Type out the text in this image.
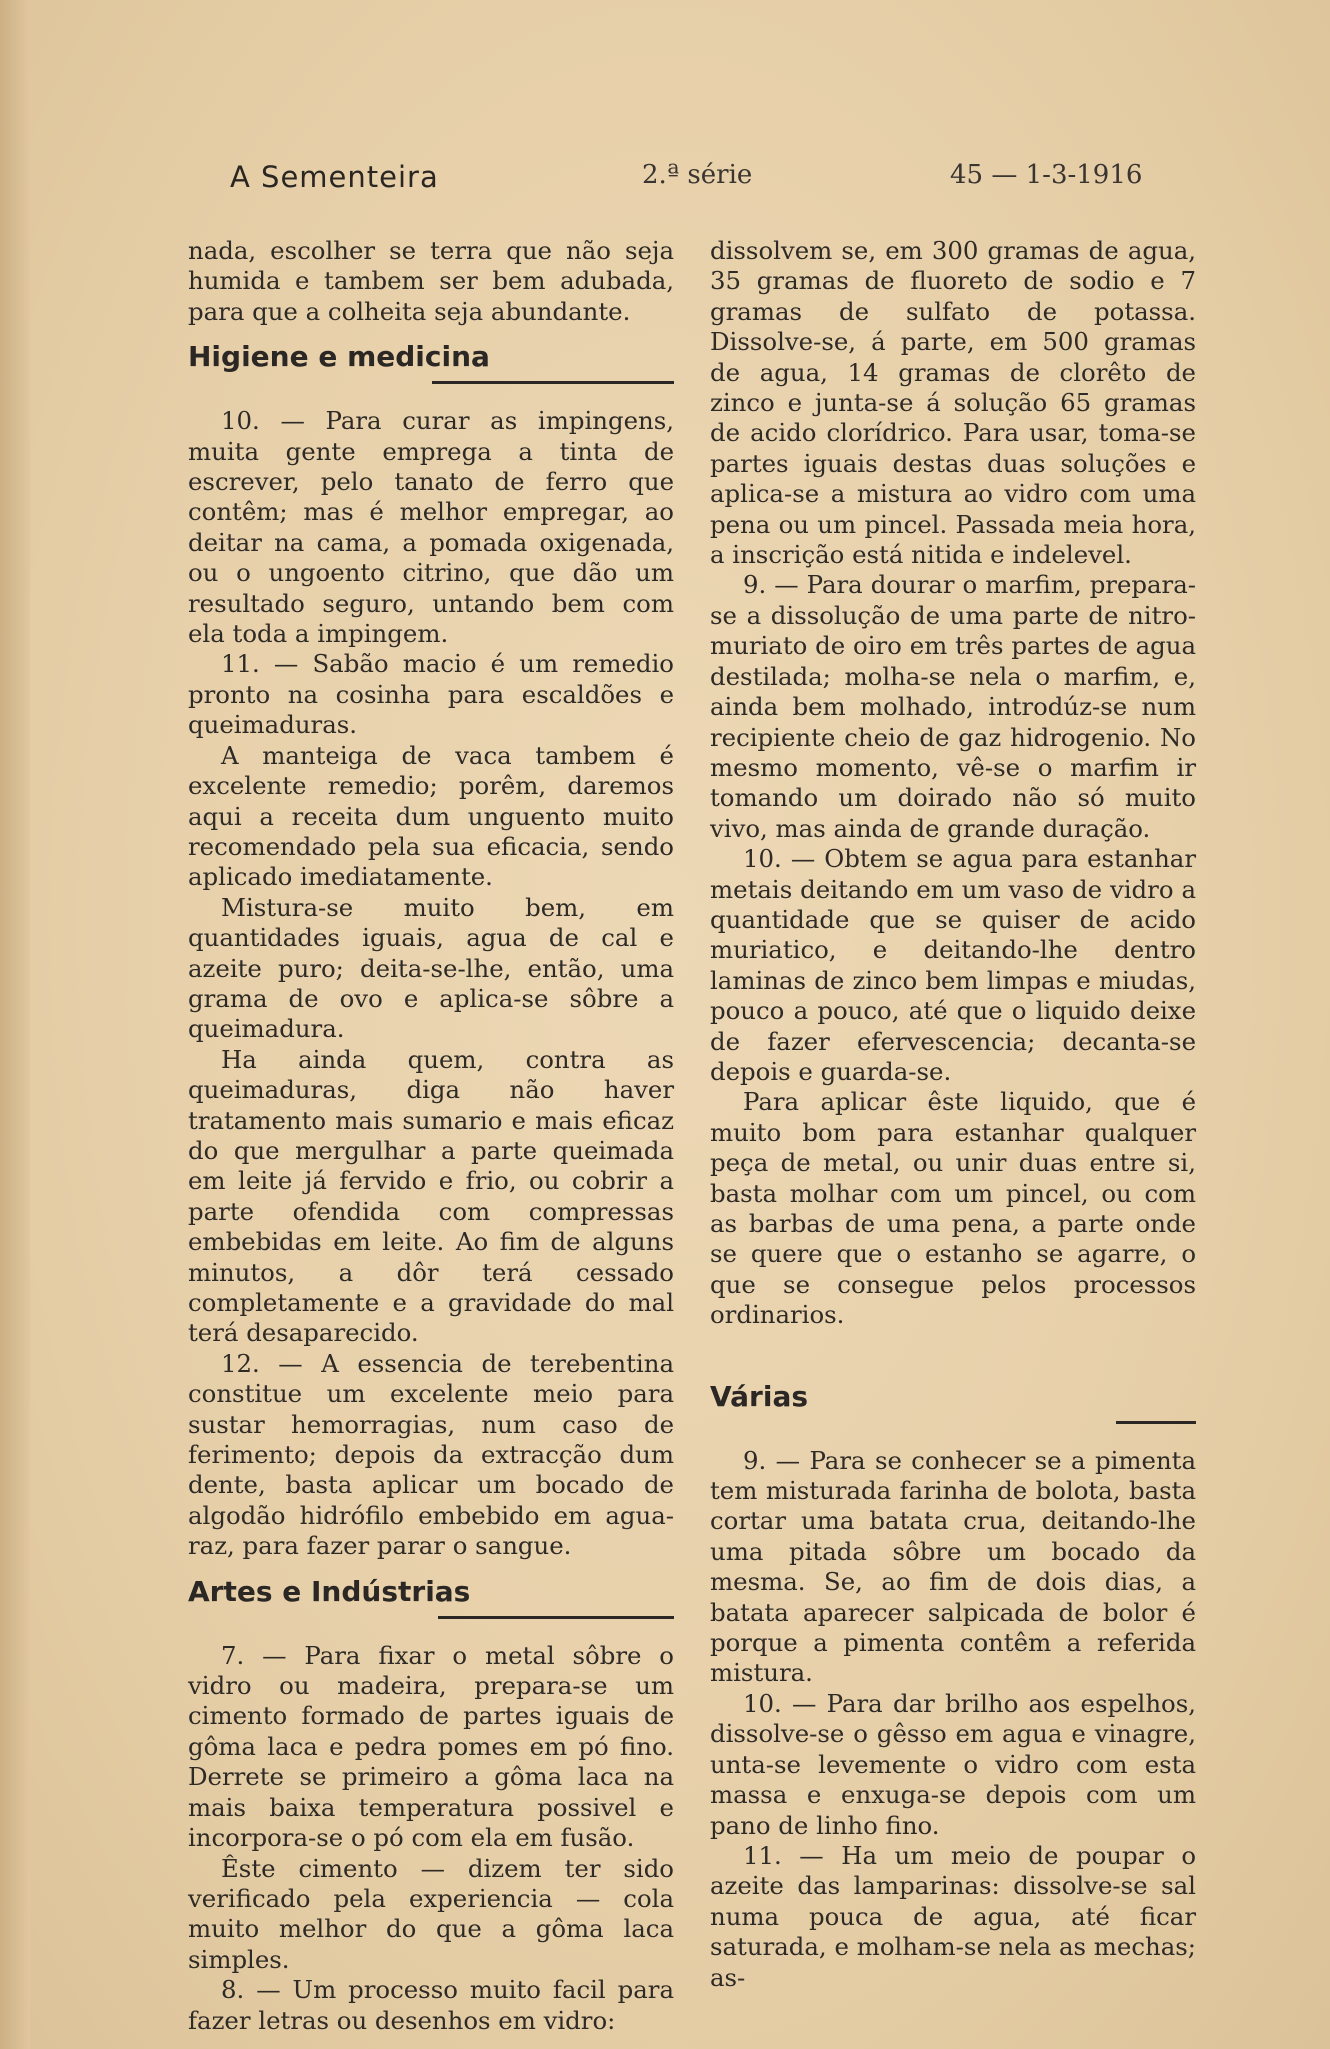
A Sementeira	2.ª série	45 — 1-3-1916

nada, escolher se terra que não seja humida e tambem ser bem adubada, para que a colheita seja abundante.

Higiene e medicina

10. — Para curar as impingens, muita gente emprega a tinta de escrever, pelo tanato de ferro que contêm; mas é melhor empregar, ao deitar na cama, a pomada oxigenada, ou o ungoento citrino, que dão um resultado seguro, untando bem com ela toda a impingem.

11. — Sabão macio é um remedio pronto na cosinha para escaldões e queimaduras.

A manteiga de vaca tambem é excelente remedio; porêm, daremos aqui a receita dum unguento muito recomendado pela sua eficacia, sendo aplicado imediatamente.

Mistura-se muito bem, em quantidades iguais, agua de cal e azeite puro; deita-se-lhe, então, uma grama de ovo e aplica-se sôbre a queimadura.

Ha ainda quem, contra as queimaduras, diga não haver tratamento mais sumario e mais eficaz do que mergulhar a parte queimada em leite já fervido e frio, ou cobrir a parte ofendida com compressas embebidas em leite. Ao fim de alguns minutos, a dôr terá cessado completamente e a gravidade do mal terá desaparecido.

12. — A essencia de terebentina constitue um excelente meio para sustar hemorragias, num caso de ferimento; depois da extracção dum dente, basta aplicar um bocado de algodão hidrófilo embebido em agua-raz, para fazer parar o sangue.

Artes e Indústrias

7. — Para fixar o metal sôbre o vidro ou madeira, prepara-se um cimento formado de partes iguais de gôma laca e pedra pomes em pó fino. Derrete se primeiro a gôma laca na mais baixa temperatura possivel e incorpora-se o pó com ela em fusão.

Êste cimento — dizem ter sido verificado pela experiencia — cola muito melhor do que a gôma laca simples.

8. — Um processo muito facil para fazer letras ou desenhos em vidro:

dissolvem se, em 300 gramas de agua, 35 gramas de fluoreto de sodio e 7 gramas de sulfato de potassa. Dissolve-se, á parte, em 500 gramas de agua, 14 gramas de clorêto de zinco e junta-se á solução 65 gramas de acido clorídrico. Para usar, toma-se partes iguais destas duas soluções e aplica-se a mistura ao vidro com uma pena ou um pincel. Passada meia hora, a inscrição está nitida e indelevel.

9. — Para dourar o marfim, prepara-se a dissolução de uma parte de nitro-muriato de oiro em três partes de agua destilada; molha-se nela o marfim, e, ainda bem molhado, introdúz-se num recipiente cheio de gaz hidrogenio. No mesmo momento, vê-se o marfim ir tomando um doirado não só muito vivo, mas ainda de grande duração.

10. — Obtem se agua para estanhar metais deitando em um vaso de vidro a quantidade que se quiser de acido muriatico, e deitando-lhe dentro laminas de zinco bem limpas e miudas, pouco a pouco, até que o liquido deixe de fazer efervescencia; decanta-se depois e guarda-se.

Para aplicar êste liquido, que é muito bom para estanhar qualquer peça de metal, ou unir duas entre si, basta molhar com um pincel, ou com as barbas de uma pena, a parte onde se quere que o estanho se agarre, o que se consegue pelos processos ordinarios.

Várias

9. — Para se conhecer se a pimenta tem misturada farinha de bolota, basta cortar uma batata crua, deitando-lhe uma pitada sôbre um bocado da mesma. Se, ao fim de dois dias, a batata aparecer salpicada de bolor é porque a pimenta contêm a referida mistura.

10. — Para dar brilho aos espelhos, dissolve-se o gêsso em agua e vinagre, unta-se levemente o vidro com esta massa e enxuga-se depois com um pano de linho fino.

11. — Ha um meio de poupar o azeite das lamparinas: dissolve-se sal numa pouca de agua, até ficar saturada, e molham-se nela as mechas; as-
